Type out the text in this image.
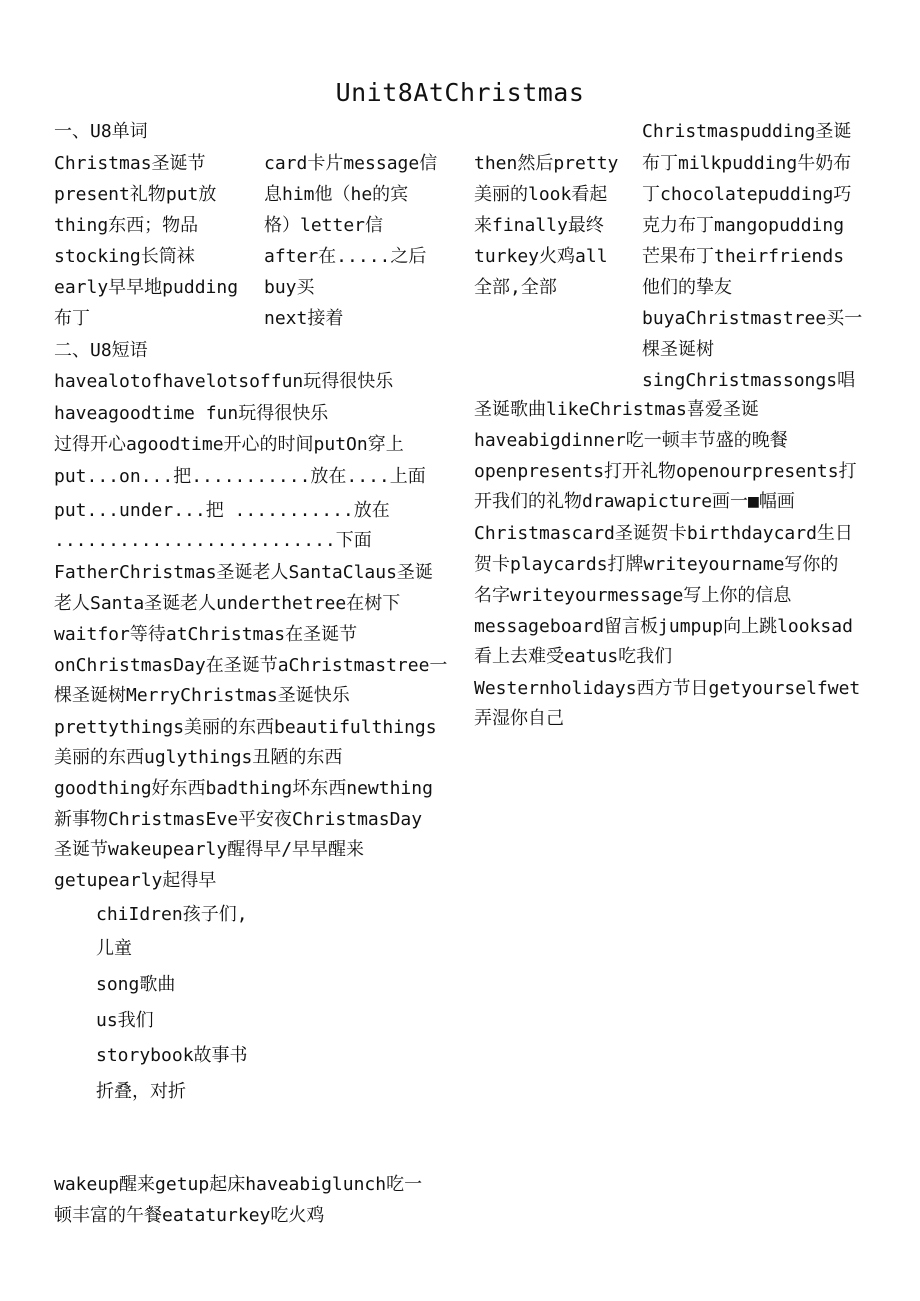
Unit8AtChristmas
一、U8单词
Christmas圣诞节
present礼物put放
thing东西；物品
stocking长筒袜
early早早地pudding
布丁
card卡片message信
息him他（he的宾
格）letter信
after在.....之后
buy买
next接着
then然后pretty
美丽的look看起
来finally最终
turkey火鸡all
全部,全部
Christmaspudding圣诞
布丁milkpudding牛奶布
丁chocolatepudding巧
克力布丁mangopudding
芒果布丁theirfriends
他们的挚友
buyaChristmastree买一
棵圣诞树
singChristmassongs唱
二、U8短语
havealotofhavelotsoffun玩得很快乐
haveagoodtime fun玩得很快乐
过得开心agoodtime开心的时间putOn穿上
put...on...把...........放在....上面
put...under...把 ...........放在
..........................下面
FatherChristmas圣诞老人SantaClaus圣诞
老人Santa圣诞老人underthetree在树下
waitfor等待atChristmas在圣诞节
onChristmasDay在圣诞节aChristmastree一
棵圣诞树MerryChristmas圣诞快乐
prettythings美丽的东西beautifulthings
美丽的东西uglythings丑陋的东西
goodthing好东西badthing坏东西newthing
新事物ChristmasEve平安夜ChristmasDay
圣诞节wakeupearly醒得早/早早醒来
getupearly起得早
chiIdren孩子们,
儿童
song歌曲
us我们
storybook故事书
折叠，对折
wakeup醒来getup起床haveabiglunch吃一
顿丰富的午餐eataturkey吃火鸡
圣诞歌曲likeChristmas喜爱圣诞
haveabigdinner吃一顿丰节盛的晚餐
openpresents打开礼物openourpresents打
开我们的礼物drawapicture画一■幅画
Christmascard圣诞贺卡birthdaycard生日
贺卡playcards打牌writeyourname写你的
名字writeyourmessage写上你的信息
messageboard留言板jumpup向上跳looksad
看上去难受eatus吃我们
Westernholidays西方节日getyourselfwet
弄湿你自己
